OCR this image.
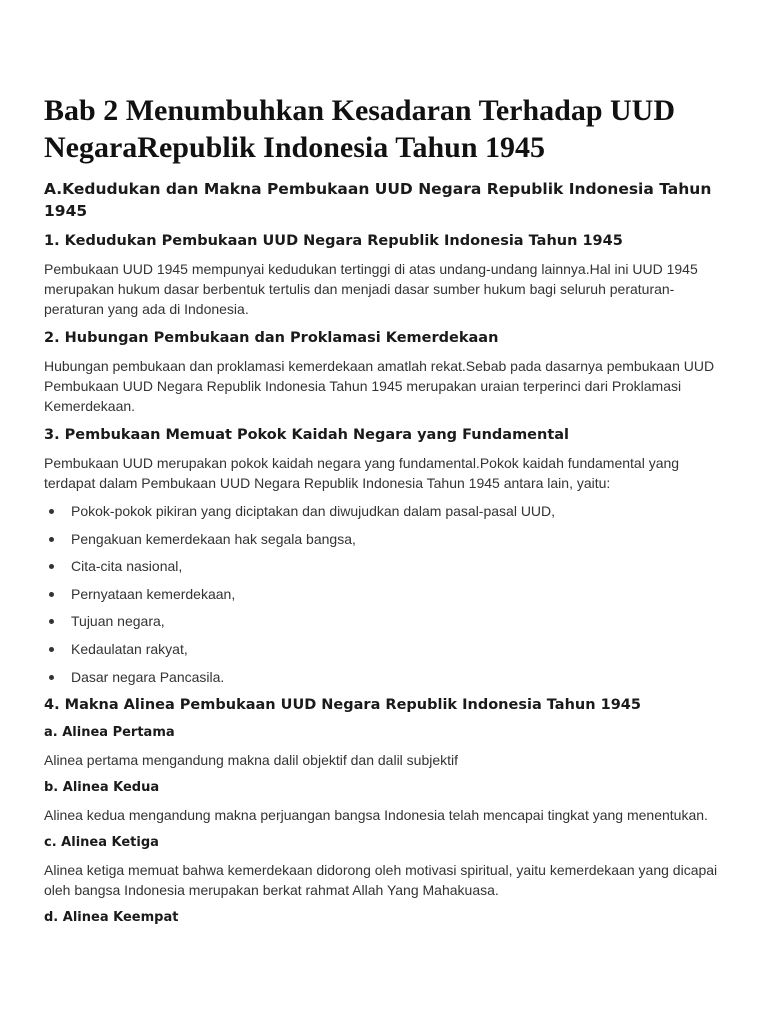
Bab 2 Menumbuhkan Kesadaran Terhadap UUD NegaraRepublik Indonesia Tahun 1945
A.Kedudukan dan Makna Pembukaan UUD Negara Republik Indonesia Tahun 1945
1. Kedudukan Pembukaan UUD Negara Republik Indonesia Tahun 1945

Pembukaan UUD 1945 mempunyai kedudukan tertinggi di atas undang-undang lainnya.Hal ini UUD 1945 merupakan hukum dasar berbentuk tertulis dan menjadi dasar sumber hukum bagi seluruh peraturan-peraturan yang ada di Indonesia.

2. Hubungan Pembukaan dan Proklamasi Kemerdekaan

Hubungan pembukaan dan proklamasi kemerdekaan amatlah rekat.Sebab pada dasarnya pembukaan UUD Pembukaan UUD Negara Republik Indonesia Tahun 1945 merupakan uraian terperinci dari Proklamasi Kemerdekaan.

3. Pembukaan Memuat Pokok Kaidah Negara yang Fundamental

Pembukaan UUD merupakan pokok kaidah negara yang fundamental.Pokok kaidah fundamental yang terdapat dalam Pembukaan UUD Negara Republik Indonesia Tahun 1945 antara lain, yaitu:

Pokok-pokok pikiran yang diciptakan dan diwujudkan dalam pasal-pasal UUD,
Pengakuan kemerdekaan hak segala bangsa,
Cita-cita nasional,
Pernyataan kemerdekaan,
Tujuan negara,
Kedaulatan rakyat,
Dasar negara Pancasila.
4. Makna Alinea Pembukaan UUD Negara Republik Indonesia Tahun 1945
a. Alinea Pertama

Alinea pertama mengandung makna dalil objektif dan dalil subjektif

b. Alinea Kedua

Alinea kedua mengandung makna perjuangan bangsa Indonesia telah mencapai tingkat yang menentukan.

c. Alinea Ketiga

Alinea ketiga memuat bahwa kemerdekaan didorong oleh motivasi spiritual, yaitu kemerdekaan yang dicapai oleh bangsa Indonesia merupakan berkat rahmat Allah Yang Mahakuasa.

d. Alinea Keempat
